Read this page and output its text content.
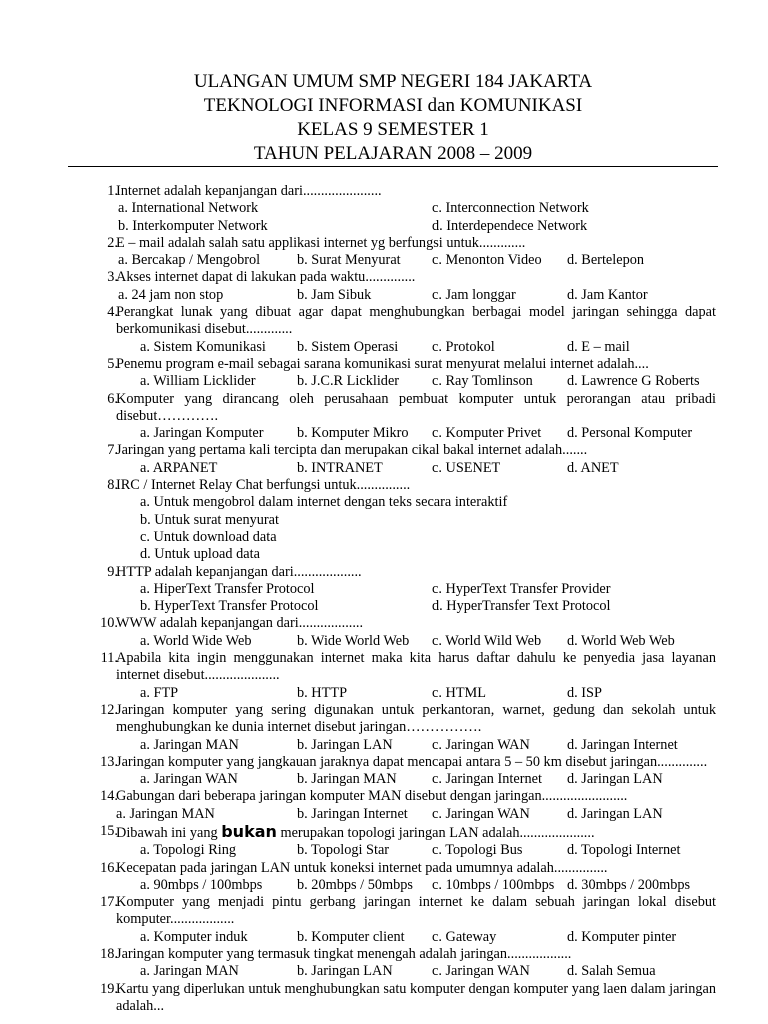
ULANGAN UMUM SMP NEGERI 184 JAKARTA
TEKNOLOGI INFORMASI dan KOMUNIKASI
KELAS 9 SEMESTER 1
TAHUN PELAJARAN 2008 – 2009
1.
Internet adalah kepanjangan dari......................
a. International Network	c. Interconnection Network
b. Interkomputer Network	d. Interdependece Network
2.
E – mail adalah salah satu applikasi internet yg berfungsi untuk.............
a. Bercakap / Mengobrol	b. Surat Menyurat c. Menonton Video d. Bertelepon
3.
Akses internet dapat di lakukan pada waktu..............
a. 24 jam non stop	b. Jam Sibuk	c. Jam longgar	d. Jam Kantor
4.
Perangkat lunak yang dibuat agar dapat menghubungkan berbagai model jaringan sehingga dapat berkomunikasi disebut.............
a. Sistem Komunikasi b. Sistem Operasi c. Protokol	d. E – mail
5.
Penemu program e-mail sebagai sarana komunikasi surat menyurat melalui internet adalah....
a. William Licklider	b. J.C.R Licklider c. Ray Tomlinson d. Lawrence G Roberts
6.
Komputer yang dirancang oleh perusahaan pembuat komputer untuk perorangan atau pribadi disebut………….
a. Jaringan Komputer b. Komputer Mikro c. Komputer Privet d. Personal Komputer
7.
Jaringan yang pertama kali tercipta dan merupakan cikal bakal internet adalah.......
a. ARPANET	b. INTRANET	c. USENET	d. ANET
8.
IRC / Internet Relay Chat berfungsi untuk...............
a. Untuk mengobrol dalam internet dengan teks secara interaktif
b. Untuk surat menyurat
c. Untuk download data
d. Untuk upload data
9.
HTTP adalah kepanjangan dari...................
a. HiperText Transfer Protocol	c. HyperText Transfer Provider
b. HyperText Transfer Protocol	d. HyperTransfer Text Protocol
10.
WWW adalah kepanjangan dari..................
a. World Wide Web	b. Wide World Web c. World Wild Web d. World Web Web
11.
Apabila kita ingin menggunakan internet maka kita harus daftar dahulu ke penyedia jasa layanan internet disebut.....................
a. FTP	b. HTTP	c. HTML	d. ISP
12.
Jaringan komputer yang sering digunakan untuk perkantoran, warnet, gedung dan sekolah untuk menghubungkan ke dunia internet disebut jaringan…………….
a. Jaringan MAN	b. Jaringan LAN	c. Jaringan WAN	d. Jaringan Internet
13.
Jaringan komputer yang jangkauan jaraknya dapat mencapai antara 5 – 50 km disebut jaringan..............
a. Jaringan WAN	b. Jaringan MAN c. Jaringan Internet d. Jaringan LAN
14.
Gabungan dari beberapa jaringan komputer MAN disebut dengan jaringan........................
a. Jaringan MAN	b. Jaringan Internet c. Jaringan WAN	d. Jaringan LAN
15.
Dibawah ini yang bukan merupakan topologi jaringan LAN adalah.....................
a. Topologi Ring	b. Topologi Star	c. Topologi Bus	d. Topologi Internet
16.
Kecepatan pada jaringan LAN untuk koneksi internet pada umumnya adalah...............
a. 90mbps / 100mbps b. 20mbps / 50mbps c. 10mbps / 100mbps d. 30mbps / 200mbps
17.
Komputer yang menjadi pintu gerbang jaringan internet ke dalam sebuah jaringan lokal disebut komputer..................
a. Komputer induk	b. Komputer client c. Gateway	d. Komputer pinter
18.
Jaringan komputer yang termasuk tingkat menengah adalah jaringan..................
a. Jaringan MAN	b. Jaringan LAN	c. Jaringan WAN	d. Salah Semua
19.
Kartu yang diperlukan untuk menghubungkan satu komputer dengan komputer yang laen dalam jaringan adalah...
